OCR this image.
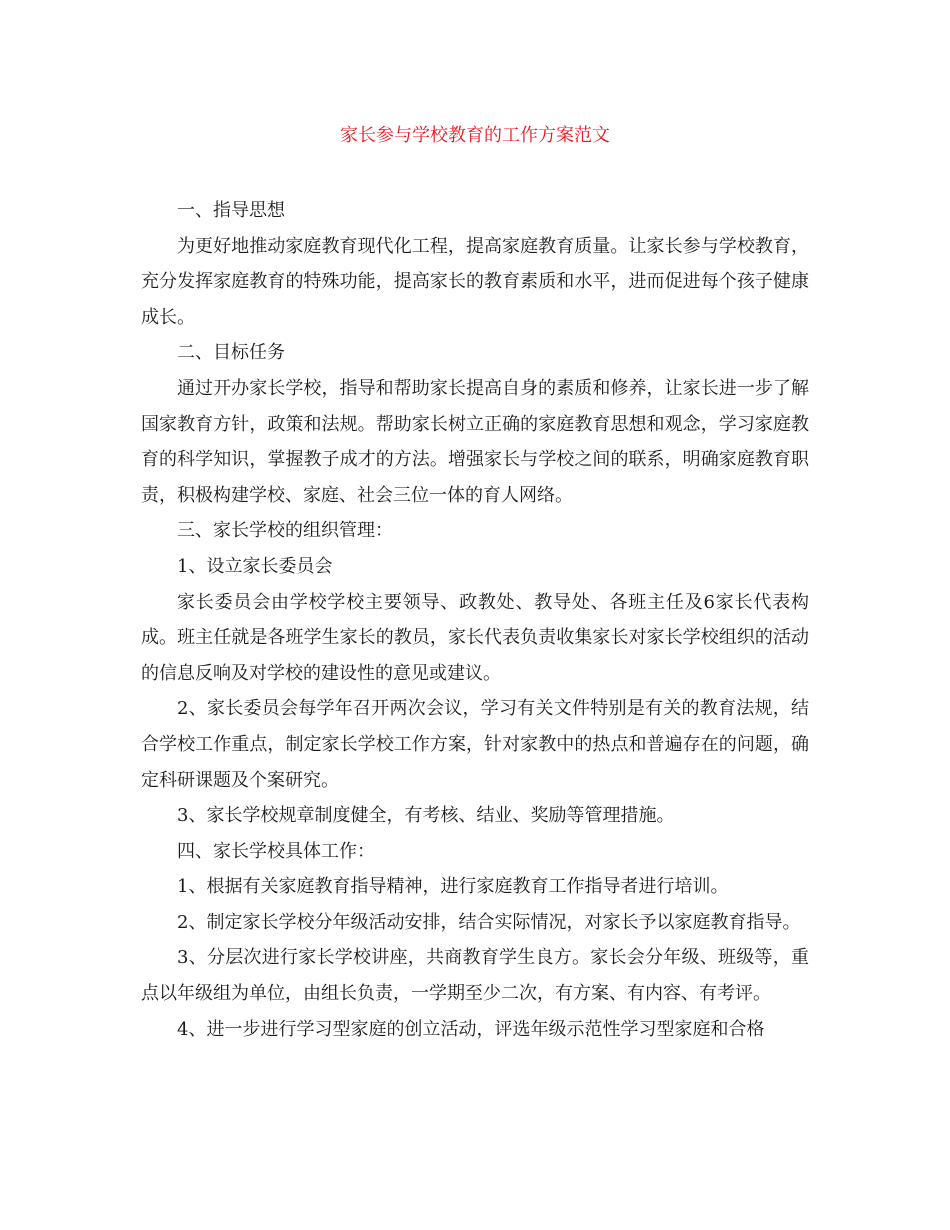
家长参与学校教育的工作方案范文

一、指导思想

为更好地推动家庭教育现代化工程，提高家庭教育质量。让家长参与学校教育，充分发挥家庭教育的特殊功能，提高家长的教育素质和水平，进而促进每个孩子健康成长。

二、目标任务

通过开办家长学校，指导和帮助家长提高自身的素质和修养，让家长进一步了解国家教育方针，政策和法规。帮助家长树立正确的家庭教育思想和观念，学习家庭教育的科学知识，掌握教子成才的方法。增强家长与学校之间的联系，明确家庭教育职责，积极构建学校、家庭、社会三位一体的育人网络。

三、家长学校的组织管理：

1、设立家长委员会

家长委员会由学校学校主要领导、政教处、教导处、各班主任及6家长代表构成。班主任就是各班学生家长的教员，家长代表负责收集家长对家长学校组织的活动的信息反响及对学校的建设性的意见或建议。

2、家长委员会每学年召开两次会议，学习有关文件特别是有关的教育法规，结合学校工作重点，制定家长学校工作方案，针对家教中的热点和普遍存在的问题，确定科研课题及个案研究。

3、家长学校规章制度健全，有考核、结业、奖励等管理措施。

四、家长学校具体工作：

1、根据有关家庭教育指导精神，进行家庭教育工作指导者进行培训。

2、制定家长学校分年级活动安排，结合实际情况，对家长予以家庭教育指导。

3、分层次进行家长学校讲座，共商教育学生良方。家长会分年级、班级等，重点以年级组为单位，由组长负责，一学期至少二次，有方案、有内容、有考评。

4、进一步进行学习型家庭的创立活动，评选年级示范性学习型家庭和合格
